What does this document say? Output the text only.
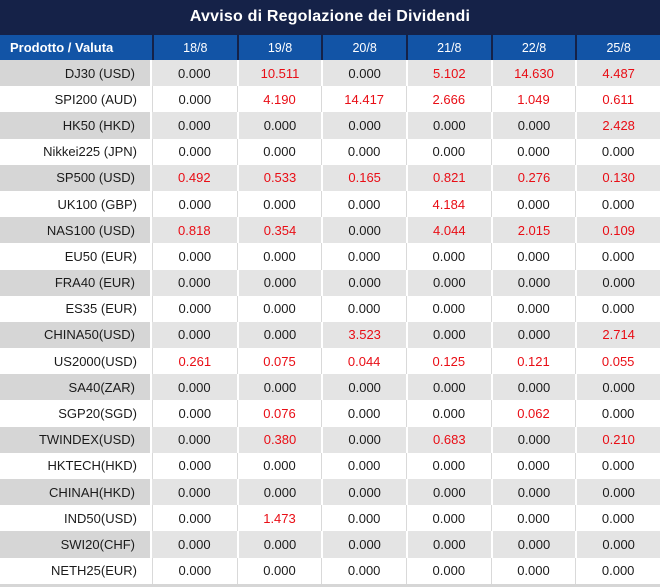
Avviso di Regolazione dei Dividendi
Prodotto / Valuta	18/8	19/8	20/8	21/8	22/8	25/8
DJ30 (USD)	0.000	10.511	0.000	5.102	14.630	4.487
SPI200 (AUD)	0.000	4.190	14.417	2.666	1.049	0.611
HK50 (HKD)	0.000	0.000	0.000	0.000	0.000	2.428
Nikkei225 (JPN)	0.000	0.000	0.000	0.000	0.000	0.000
SP500 (USD)	0.492	0.533	0.165	0.821	0.276	0.130
UK100 (GBP)	0.000	0.000	0.000	4.184	0.000	0.000
NAS100 (USD)	0.818	0.354	0.000	4.044	2.015	0.109
EU50 (EUR)	0.000	0.000	0.000	0.000	0.000	0.000
FRA40 (EUR)	0.000	0.000	0.000	0.000	0.000	0.000
ES35 (EUR)	0.000	0.000	0.000	0.000	0.000	0.000
CHINA50(USD)	0.000	0.000	3.523	0.000	0.000	2.714
US2000(USD)	0.261	0.075	0.044	0.125	0.121	0.055
SA40(ZAR)	0.000	0.000	0.000	0.000	0.000	0.000
SGP20(SGD)	0.000	0.076	0.000	0.000	0.062	0.000
TWINDEX(USD)	0.000	0.380	0.000	0.683	0.000	0.210
HKTECH(HKD)	0.000	0.000	0.000	0.000	0.000	0.000
CHINAH(HKD)	0.000	0.000	0.000	0.000	0.000	0.000
IND50(USD)	0.000	1.473	0.000	0.000	0.000	0.000
SWI20(CHF)	0.000	0.000	0.000	0.000	0.000	0.000
NETH25(EUR)	0.000	0.000	0.000	0.000	0.000	0.000
